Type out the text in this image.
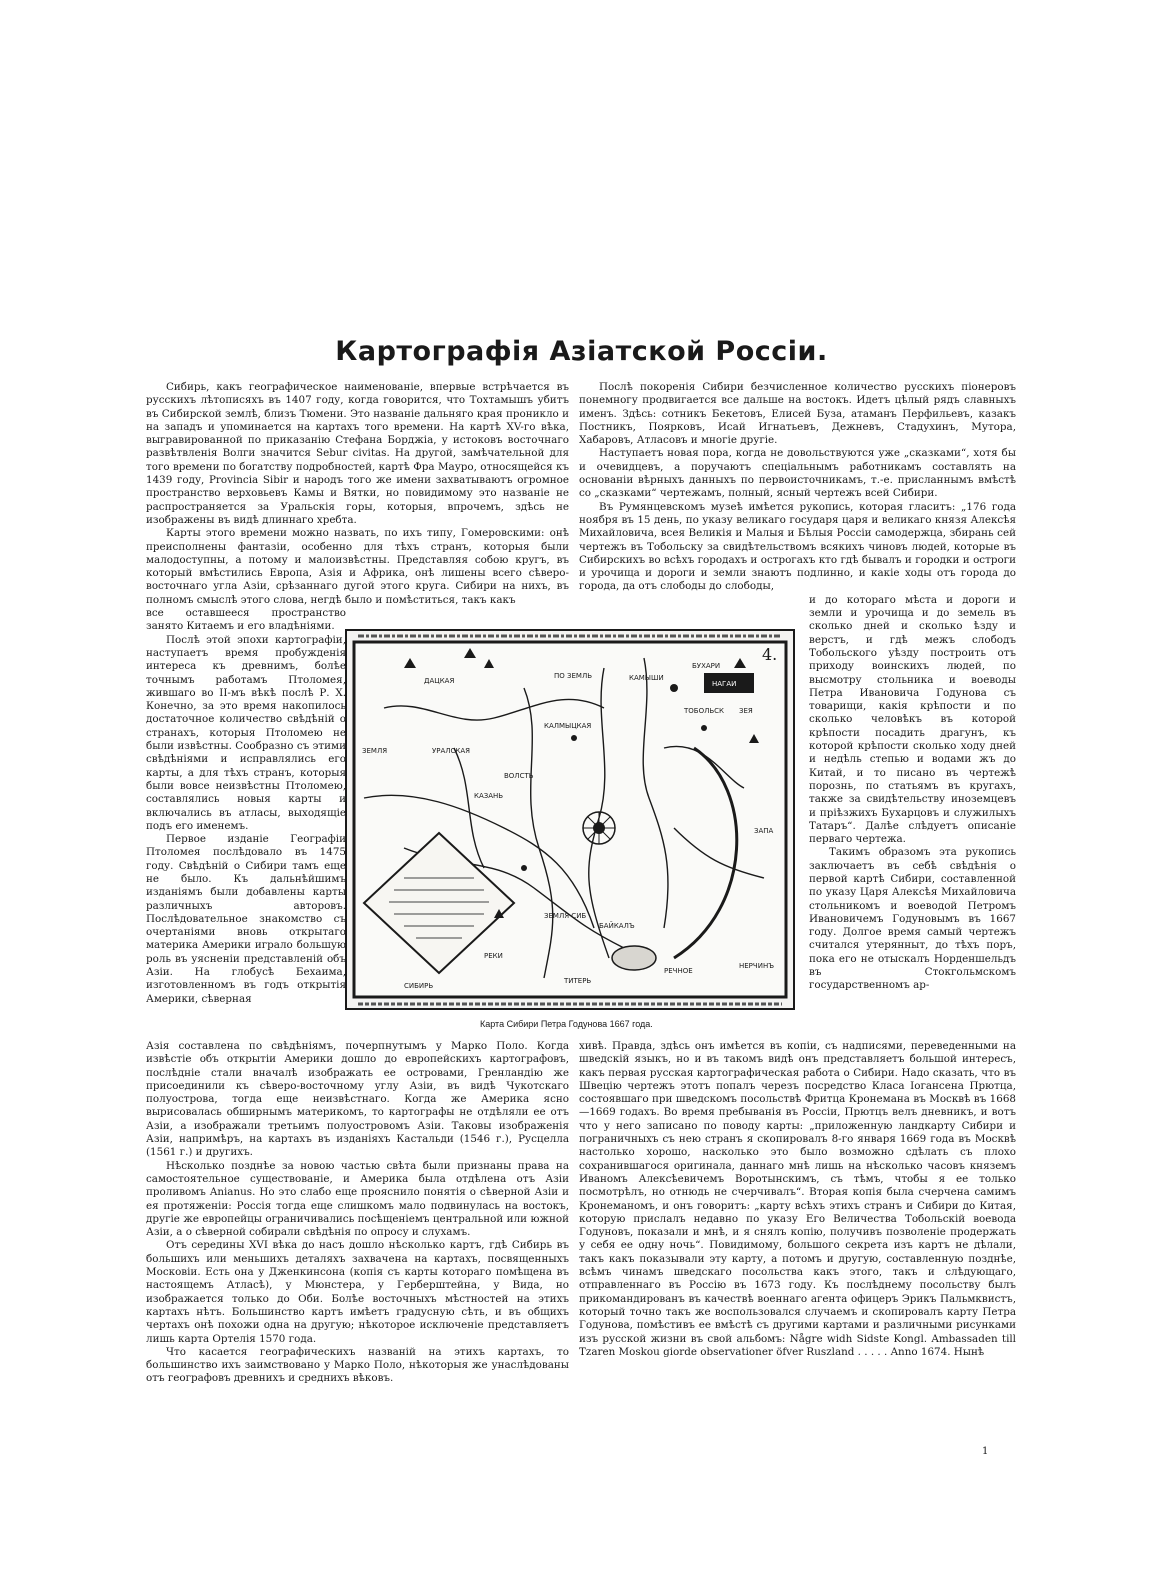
Картографія Азіатской Россіи.

Сибирь, какъ географическое наименованіе, впервые встрѣчается въ русскихъ лѣтописяхъ въ 1407 году, когда говорится, что Тохтамышъ убитъ въ Сибирской землѣ, близъ Тюмени. Это названіе дальняго края проникло и на западъ и упоминается на картахъ того времени. На картѣ XV-го вѣка, выгравированной по приказанію Стефана Борджіа, у истоковъ восточнаго развѣтвленія Волги значится Sebur civitas. На другой, замѣчательной для того времени по богатству подробностей, картѣ Фра Мауро, относящейся къ 1439 году, Provincia Sibir и народъ того же имени захватываютъ огромное пространство верховьевъ Камы и Вятки, но повидимому это названіе не распространяется за Уральскія горы, которыя, впрочемъ, здѣсь не изображены въ видѣ длиннаго хребта.

Карты этого времени можно назвать, по ихъ типу, Гомеровскими: онѣ преисполнены фантазіи, особенно для тѣхъ странъ, которыя были малодоступны, а потому и малоизвѣстны. Представляя собою кругъ, въ который вмѣстились Европа, Азія и Африка, онѣ лишены всего сѣверо-восточнаго угла Азіи, срѣзаннаго дугой этого круга. Сибири на нихъ, въ полномъ смыслѣ этого слова, негдѣ было и помѣститься, такъ какъ

все оставшееся пространство занято Китаемъ и его владѣніями.

Послѣ этой эпохи картографіи, наступаетъ время пробужденія интереса къ древнимъ, болѣе точнымъ работамъ Птоломея, жившаго во II-мъ вѣкѣ послѣ Р. Х. Конечно, за это время накопилось достаточное количество свѣдѣній о странахъ, которыя Птоломею не были извѣстны. Сообразно съ этими свѣдѣніями и исправлялись его карты, а для тѣхъ странъ, которыя были вовсе неизвѣстны Птоломею, составлялись новыя карты и включались въ атласы, выходящіе подъ его именемъ.

Первое изданіе Географіи Птоломея послѣдовало въ 1475 году. Свѣдѣній о Сибири тамъ еще не было. Къ дальнѣйшимъ изданіямъ были добавлены карты различныхъ авторовъ. Послѣдовательное знакомство съ очертаніями вновь открытаго материка Америки играло большую роль въ уясненіи представленій объ Азіи. На глобусѣ Бехаима, изготовленномъ въ годъ открытія Америки, сѣверная

Послѣ покоренія Сибири безчисленное количество русскихъ піонеровъ понемногу продвигается все дальше на востокъ. Идетъ цѣлый рядъ славныхъ именъ. Здѣсь: сотникъ Бекетовъ, Елисей Буза, атаманъ Перфильевъ, казакъ Постникъ, Поярковъ, Исай Игнатьевъ, Дежневъ, Стадухинъ, Мутора, Хабаровъ, Атласовъ и многіе другіе.

Наступаетъ новая пора, когда не довольствуются уже „сказками“, хотя бы и очевидцевъ, а поручаютъ спеціальнымъ работникамъ составлять на основаніи вѣрныхъ данныхъ по первоисточникамъ, т.-е. присланнымъ вмѣстѣ со „сказками“ чертежамъ, полный, ясный чертежъ всей Сибири.

Въ Румянцевскомъ музеѣ имѣется рукопись, которая гласитъ: „176 года ноября въ 15 день, по указу великаго государя царя и великаго князя Алексѣя Михайловича, всея Великія и Малыя и Бѣлыя Россіи самодержца, збирань сей чертежъ въ Тобольску за свидѣтельствомъ всякихъ чиновъ людей, которые въ Сибирскихъ во всѣхъ городахъ и острогахъ кто гдѣ бывалъ и городки и остроги и урочища и дороги и земли знаютъ подлинно, и какіе ходы отъ города до города, да отъ слободы до слободы,

и до котораго мѣста и дороги и земли и урочища и до земель въ сколько дней и сколько ѣзду и верстъ, и гдѣ межъ слободъ Тобольского уѣзду построить отъ приходу воинскихъ людей, по высмотру стольника и воеводы Петра Ивановича Годунова съ товарищи, какія крѣпости и по сколько человѣкъ въ которой крѣпости посадить драгунъ, къ которой крѣпости сколько ходу дней и недѣль степью и водами жъ до Китай, и то писано въ чертежѣ порознь, по статьямъ въ кругахъ, также за свидѣтельству иноземцевъ и пріѣзжихъ Бухарцовъ и служилыхъ Татаръ“. Далѣе слѣдуетъ описаніе перваго чертежа.

Такимъ образомъ эта рукопись заключаетъ въ себѣ свѣдѣнія о первой картѣ Сибири, составленной по указу Царя Алексѣя Михайловича стольникомъ и воеводой Петромъ Ивановичемъ Годуновымъ въ 1667 году. Долгое время самый чертежъ считался утерянныт, до тѣхъ поръ, пока его не отыскалъ Норденшельдъ въ Стокгольмскомъ государственномъ ар-

Азія составлена по свѣдѣніямъ, почерпнутымъ у Марко Поло. Когда извѣстіе объ открытіи Америки дошло до европейскихъ картографовъ, послѣдніе стали вначалѣ изображать ее островами, Гренландію же присоединили къ сѣверо-восточному углу Азіи, въ видѣ Чукотскаго полуострова, тогда еще неизвѣстнаго. Когда же Америка ясно вырисовалась обширнымъ материкомъ, то картографы не отдѣляли ее отъ Азіи, а изображали третьимъ полуостровомъ Азіи. Таковы изображенія Азіи, напримѣръ, на картахъ въ изданіяхъ Кастальди (1546 г.), Русцелла (1561 г.) и другихъ.

Нѣсколько позднѣе за новою частью свѣта были признаны права на самостоятельное существованіе, и Америка была отдѣлена отъ Азіи проливомъ Anianus. Но это слабо еще прояснило понятія о сѣверной Азіи и ея протяженіи: Россія тогда еще слишкомъ мало подвинулась на востокъ, другіе же европейцы ограничивались посѣщеніемъ центральной или южной Азіи, а о сѣверной собирали свѣдѣнія по опросу и слухамъ.

Отъ середины XVI вѣка до насъ дошло нѣсколько картъ, гдѣ Сибирь въ большихъ или меньшихъ деталяхъ захвачена на картахъ, посвященныхъ Московіи. Есть она у Дженкинсона (копія съ карты котораго помѣщена въ настоящемъ Атласѣ), у Мюнстера, у Герберштейна, у Вида, но изображается только до Оби. Болѣе восточныхъ мѣстностей на этихъ картахъ нѣтъ. Большинство картъ имѣетъ градусную сѣть, и въ общихъ чертахъ онѣ похожи одна на другую; нѣкоторое исключеніе представляетъ лишь карта Ортелія 1570 года.

Что касается географическихъ названій на этихъ картахъ, то большинство ихъ заимствовано у Марко Поло, нѣкоторыя же унаслѣдованы отъ географовъ древнихъ и среднихъ вѣковъ.

хивѣ. Правда, здѣсь онъ имѣется въ копіи, съ надписями, переведенными на шведскій языкъ, но и въ такомъ видѣ онъ представляетъ большой интересъ, какъ первая русская картографическая работа о Сибири. Надо сказать, что въ Швецію чертежъ этотъ попалъ черезъ посредство Класа Іогансена Прютца, состоявшаго при шведскомъ посольствѣ Фритца Кронемана въ Москвѣ въ 1668—1669 годахъ. Во время пребыванія въ Россіи, Прютцъ велъ дневникъ, и вотъ что у него записано по поводу карты: „приложенную ландкарту Сибири и пограничныхъ съ нею странъ я скопировалъ 8-го января 1669 года въ Москвѣ настолько хорошо, насколько это было возможно сдѣлать съ плохо сохранившагося оригинала, даннаго мнѣ лишь на нѣсколько часовъ княземъ Иваномъ Алексѣевичемъ Воротынскимъ, съ тѣмъ, чтобы я ее только посмотрѣлъ, но отнюдь не счерчивалъ“. Вторая копія была счерчена самимъ Кронеманомъ, и онъ говоритъ: „карту всѣхъ этихъ странъ и Сибири до Китая, которую прислалъ недавно по указу Его Величества Тобольскій воевода Годуновъ, показали и мнѣ, и я снялъ копію, получивъ позволеніе продержать у себя ее одну ночь“. Повидимому, большого секрета изъ картъ не дѣлали, такъ какъ показывали эту карту, а потомъ и другую, составленную позднѣе, всѣмъ чинамъ шведскаго посольства какъ этого, такъ и слѣдующаго, отправленнаго въ Россію въ 1673 году. Къ послѣднему посольству былъ прикомандированъ въ качествѣ военнаго агента офицеръ Эрикъ Пальмквистъ, который точно такъ же воспользовался случаемъ и скопировалъ карту Петра Годунова, помѣстивъ ее вмѣстѣ съ другими картами и различными рисунками изъ русской жизни въ свой альбомъ: Någre widh Sidste Kongl. Ambassaden till Tzaren Moskou giorde observationer öfver Ruszland . . . . . Anno 1674. Нынѣ

4.
ПО ЗЕМЛЬ	КАМЫШИ
БУХАРИ
НАГАИ
ЗЕМЛЯ	УРАЛСКАЯ
КАЛМЫЦКАЯ
ВОЛСТЬ
КАЗАНЬ
ТОБОЛЬСК ЗЕЯ
РЕКИ
БАЙКАЛЪ
СИБИРЬ
ТИТЕРЬ
ЗАПА
ЗЕМЛЯ СИБ
РЕЧНОЕ
ДАЦКАЯ
НЕРЧИНЪ
Карта Сибири Петра Годунова 1667 года.
1
